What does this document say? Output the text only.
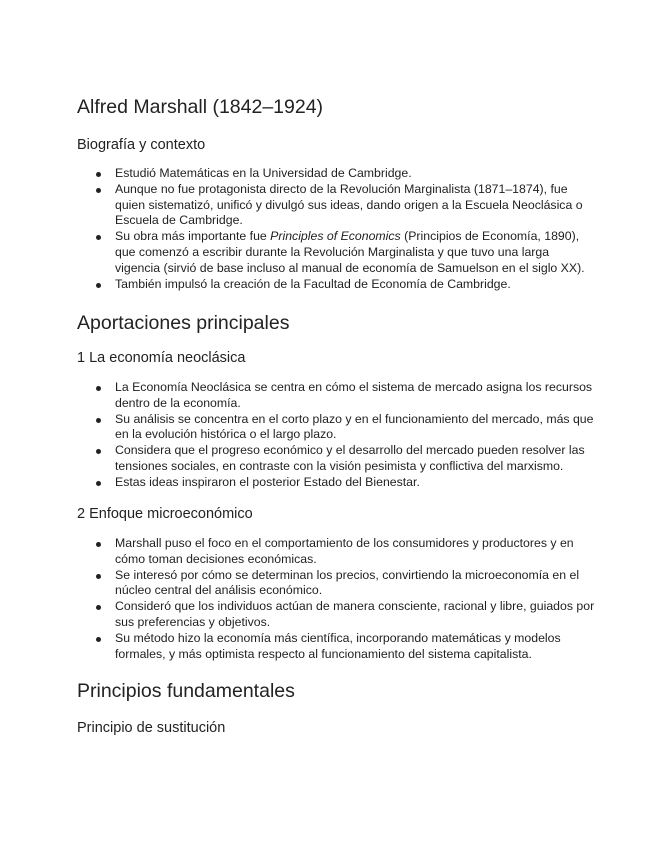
Alfred Marshall (1842–1924)
Biografía y contexto
Estudió Matemáticas en la Universidad de Cambridge.
Aunque no fue protagonista directo de la Revolución Marginalista (1871–1874), fue quien sistematizó, unificó y divulgó sus ideas, dando origen a la Escuela Neoclásica o Escuela de Cambridge.
Su obra más importante fue Principles of Economics (Principios de Economía, 1890), que comenzó a escribir durante la Revolución Marginalista y que tuvo una larga vigencia (sirvió de base incluso al manual de economía de Samuelson en el siglo XX).
También impulsó la creación de la Facultad de Economía de Cambridge.
Aportaciones principales
1 La economía neoclásica
La Economía Neoclásica se centra en cómo el sistema de mercado asigna los recursos dentro de la economía.
Su análisis se concentra en el corto plazo y en el funcionamiento del mercado, más que en la evolución histórica o el largo plazo.
Considera que el progreso económico y el desarrollo del mercado pueden resolver las tensiones sociales, en contraste con la visión pesimista y conflictiva del marxismo.
Estas ideas inspiraron el posterior Estado del Bienestar.
2 Enfoque microeconómico
Marshall puso el foco en el comportamiento de los consumidores y productores y en cómo toman decisiones económicas.
Se interesó por cómo se determinan los precios, convirtiendo la microeconomía en el núcleo central del análisis económico.
Consideró que los individuos actúan de manera consciente, racional y libre, guiados por sus preferencias y objetivos.
Su método hizo la economía más científica, incorporando matemáticas y modelos formales, y más optimista respecto al funcionamiento del sistema capitalista.
Principios fundamentales
Principio de sustitución
